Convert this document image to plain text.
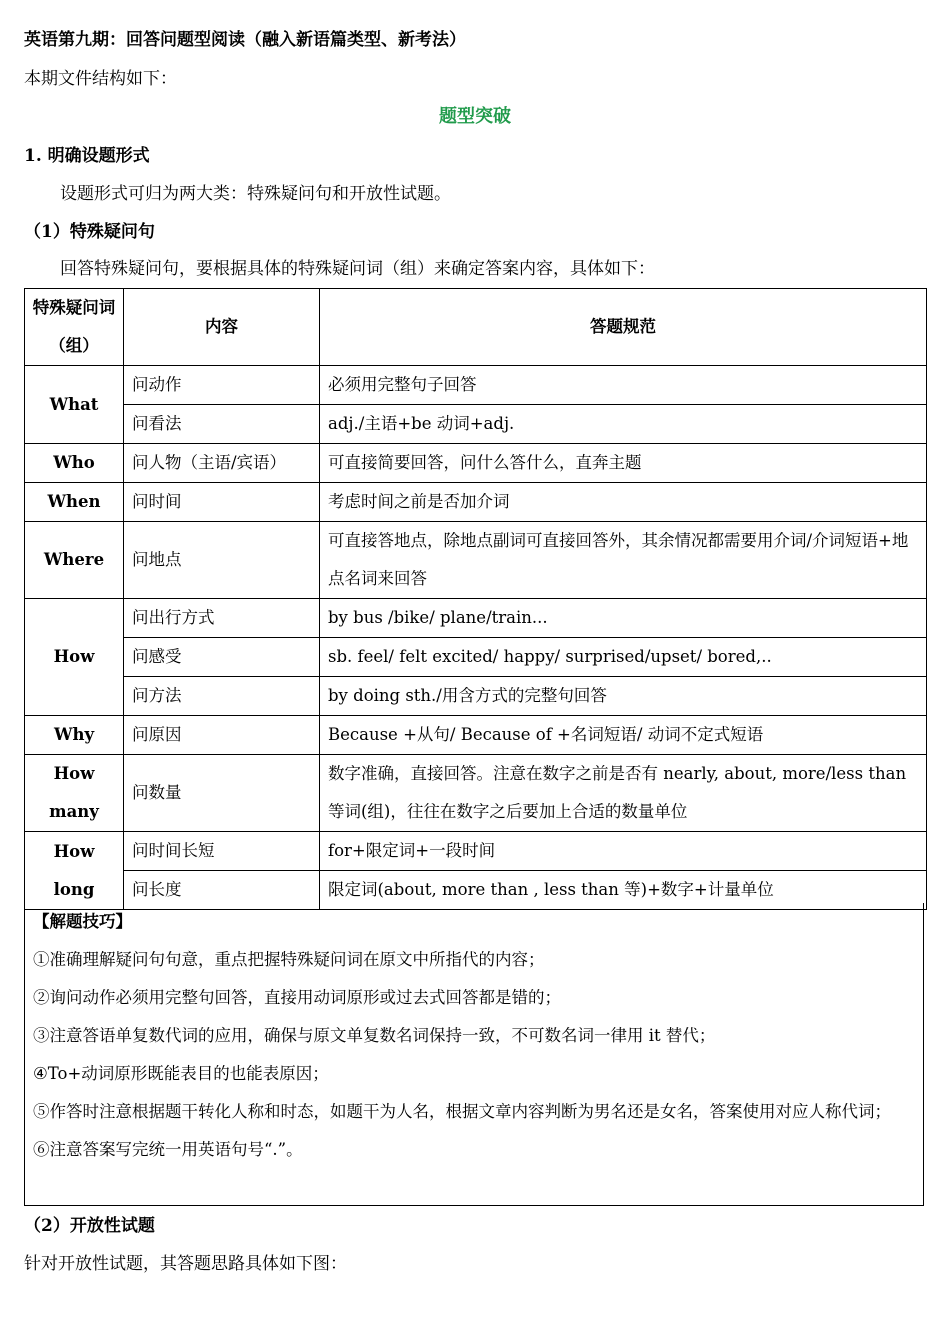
英语第九期：回答问题型阅读（融入新语篇类型、新考法）
本期文件结构如下：
题型突破
1. 明确设题形式
设题形式可归为两大类：特殊疑问句和开放性试题。
（1）特殊疑问句
回答特殊疑问句，要根据具体的特殊疑问词（组）来确定答案内容，具体如下：
特殊疑问词（组）	内容	答题规范
What	问动作	必须用完整句子回答
	问看法	adj./主语+be 动词+adj.
Who	问人物（主语/宾语）	可直接简要回答，问什么答什么，直奔主题
When	问时间	考虑时间之前是否加介词
Where	问地点	可直接答地点，除地点副词可直接回答外，其余情况都需要用介词/介词短语+地点名词来回答
How	问出行方式	by bus /bike/ plane/train...
	问感受	sb. feel/ felt excited/ happy/ surprised/upset/ bored,..
	问方法	by doing sth./用含方式的完整句回答
Why	问原因	Because +从句/ Because of +名词短语/ 动词不定式短语
How many	问数量	数字准确，直接回答。注意在数字之前是否有 nearly, about, more/less than 等词(组)，往往在数字之后要加上合适的数量单位
How long	问时间长短	for+限定词+一段时间
	问长度	限定词(about, more than , less than 等)+数字+计量单位
【解题技巧】
①准确理解疑问句句意，重点把握特殊疑问词在原文中所指代的内容；
②询问动作必须用完整句回答，直接用动词原形或过去式回答都是错的；
③注意答语单复数代词的应用，确保与原文单复数名词保持一致，不可数名词一律用 it 替代；
④To+动词原形既能表目的也能表原因；
⑤作答时注意根据题干转化人称和时态，如题干为人名，根据文章内容判断为男名还是女名，答案使用对应人称代词；
⑥注意答案写完统一用英语句号“.”。
（2）开放性试题
针对开放性试题，其答题思路具体如下图：
